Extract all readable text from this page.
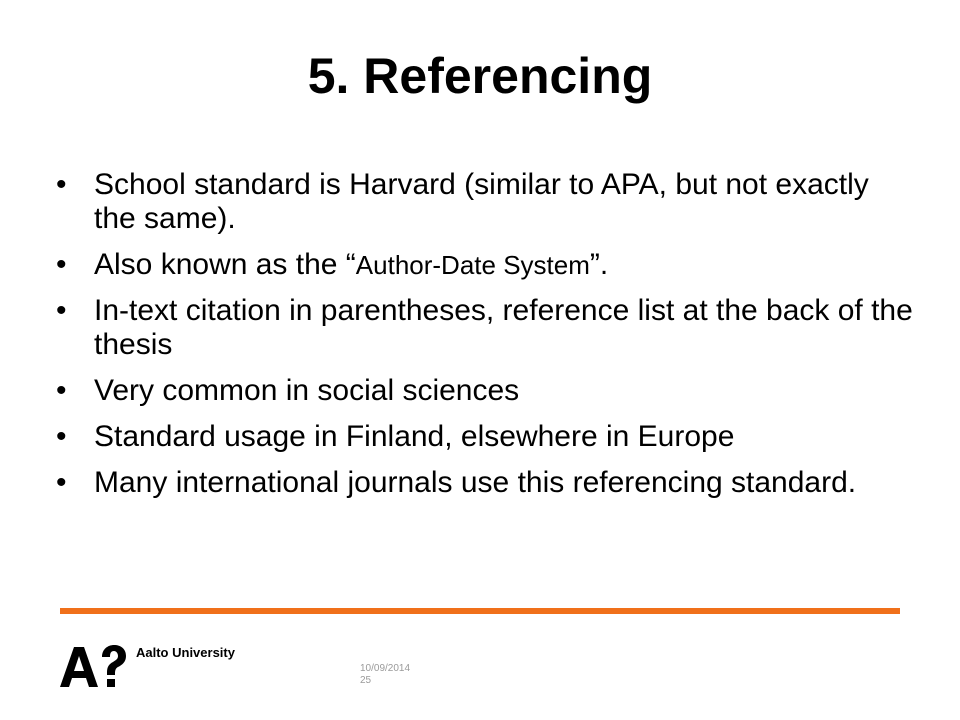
5. Referencing
• School standard is Harvard (similar to APA, but not exactly the same).
• Also known as the “Author-Date System”.
• In-text citation in parentheses, reference list at the back of the thesis
• Very common in social sciences
• Standard usage in Finland, elsewhere in Europe
• Many international journals use this referencing standard.
Aalto University
10/09/2014
25
